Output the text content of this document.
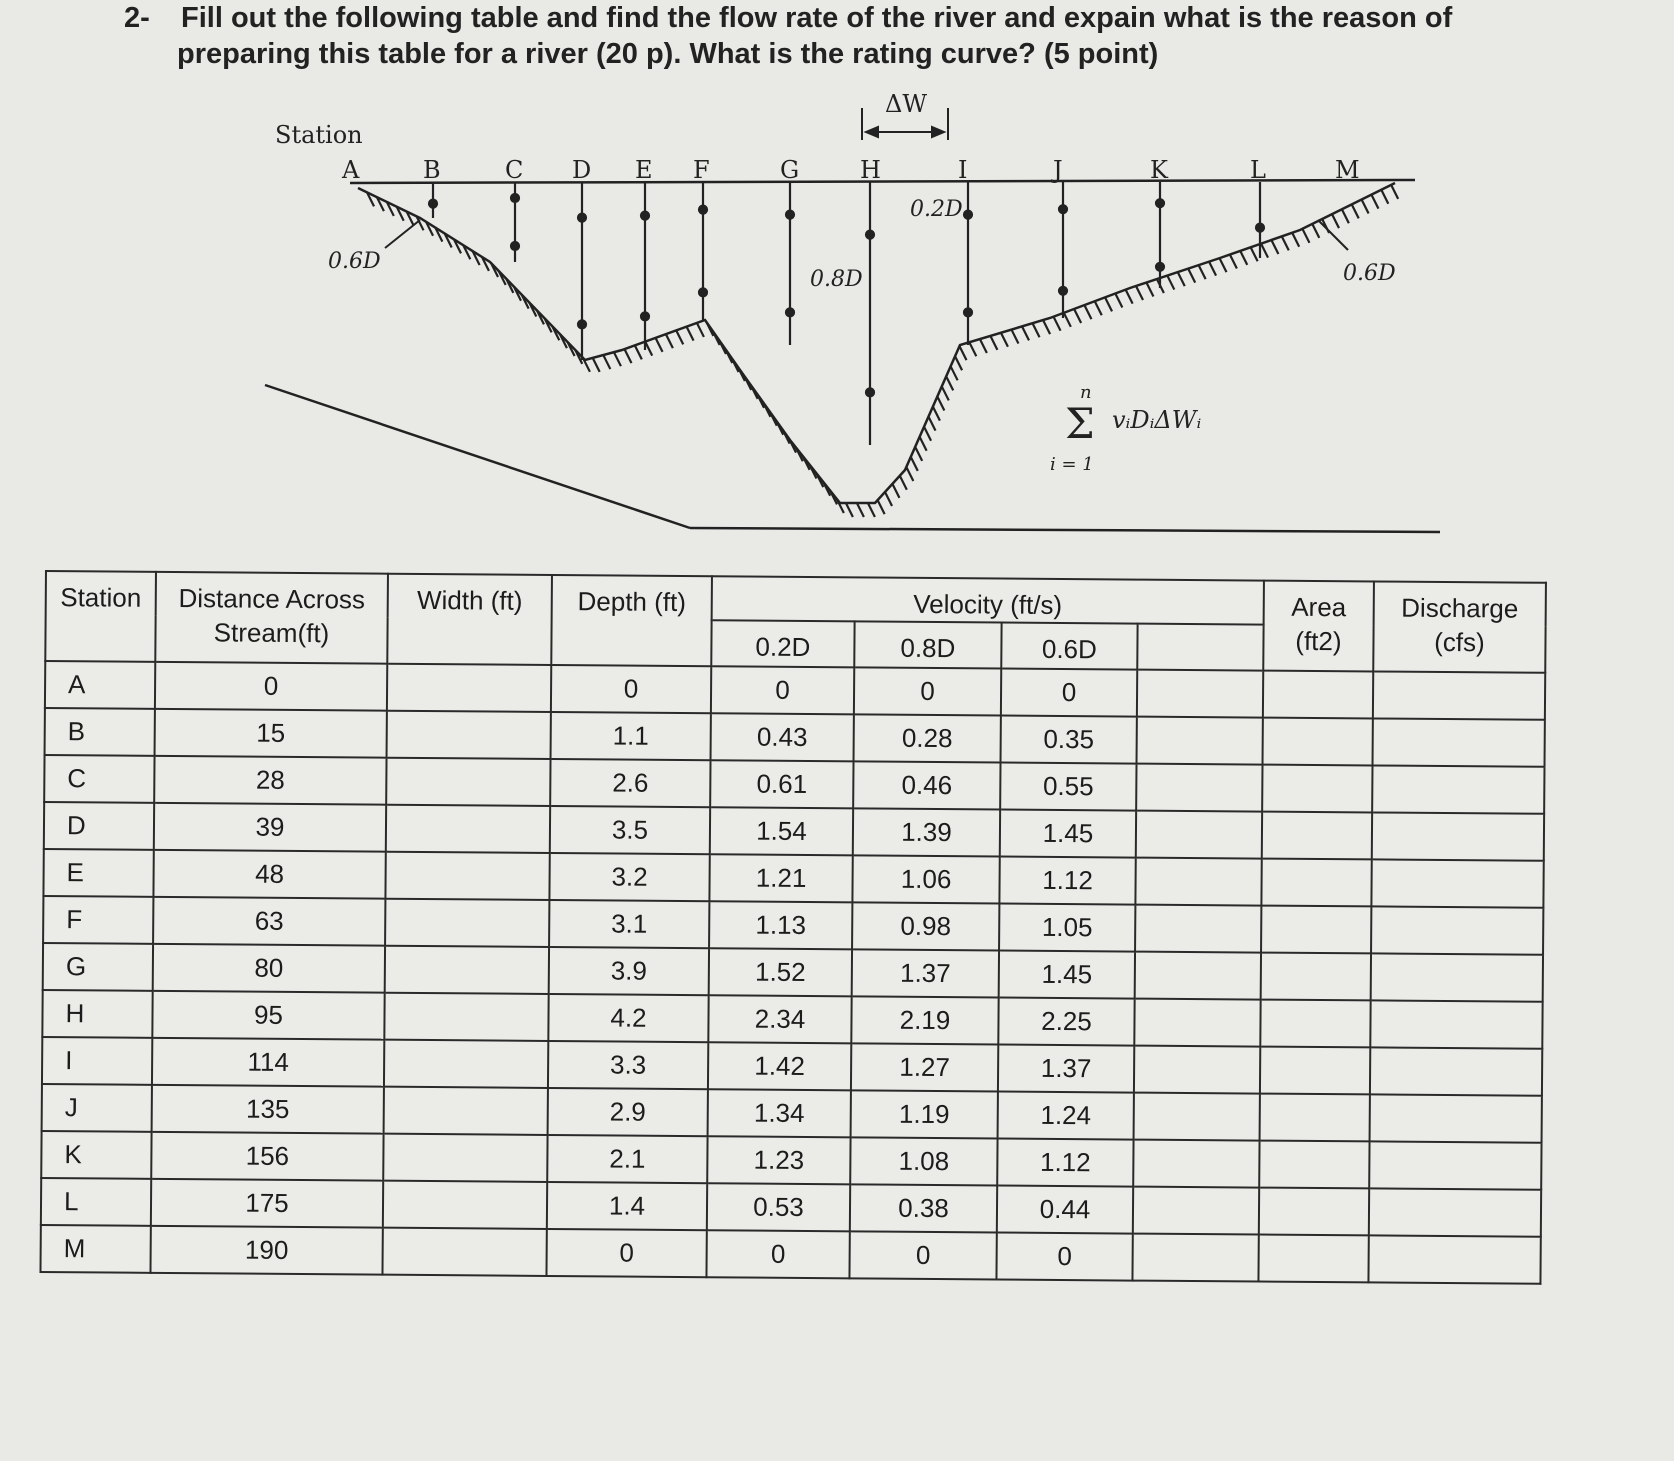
2- Fill out the following table and find the flow rate of the river and expain what is the reason of
preparing this table for a river (20 p). What is the rating curve? (5 point)
Station
A	B	C D E F	G	H	I	J	K	L	M
ΔW
0.6D
0.2D
0.8D	0.6D
n
Σ vᵢDᵢΔWᵢ
i = 1
Station	Distance Across
Stream(ft)	Width (ft)	Depth (ft)	Velocity (ft/s)				Area
(ft2)	Discharge
(cfs)
				0.2D	0.8D	0.6D			
A	0		0	0	0	0			
B	15		1.1	0.43	0.28	0.35			
C	28		2.6	0.61	0.46	0.55			
D	39		3.5	1.54	1.39	1.45			
E	48		3.2	1.21	1.06	1.12			
F	63		3.1	1.13	0.98	1.05			
G	80		3.9	1.52	1.37	1.45			
H	95		4.2	2.34	2.19	2.25			
I	114		3.3	1.42	1.27	1.37			
J	135		2.9	1.34	1.19	1.24			
K	156		2.1	1.23	1.08	1.12			
L	175		1.4	0.53	0.38	0.44			
M	190		0	0	0	0			
